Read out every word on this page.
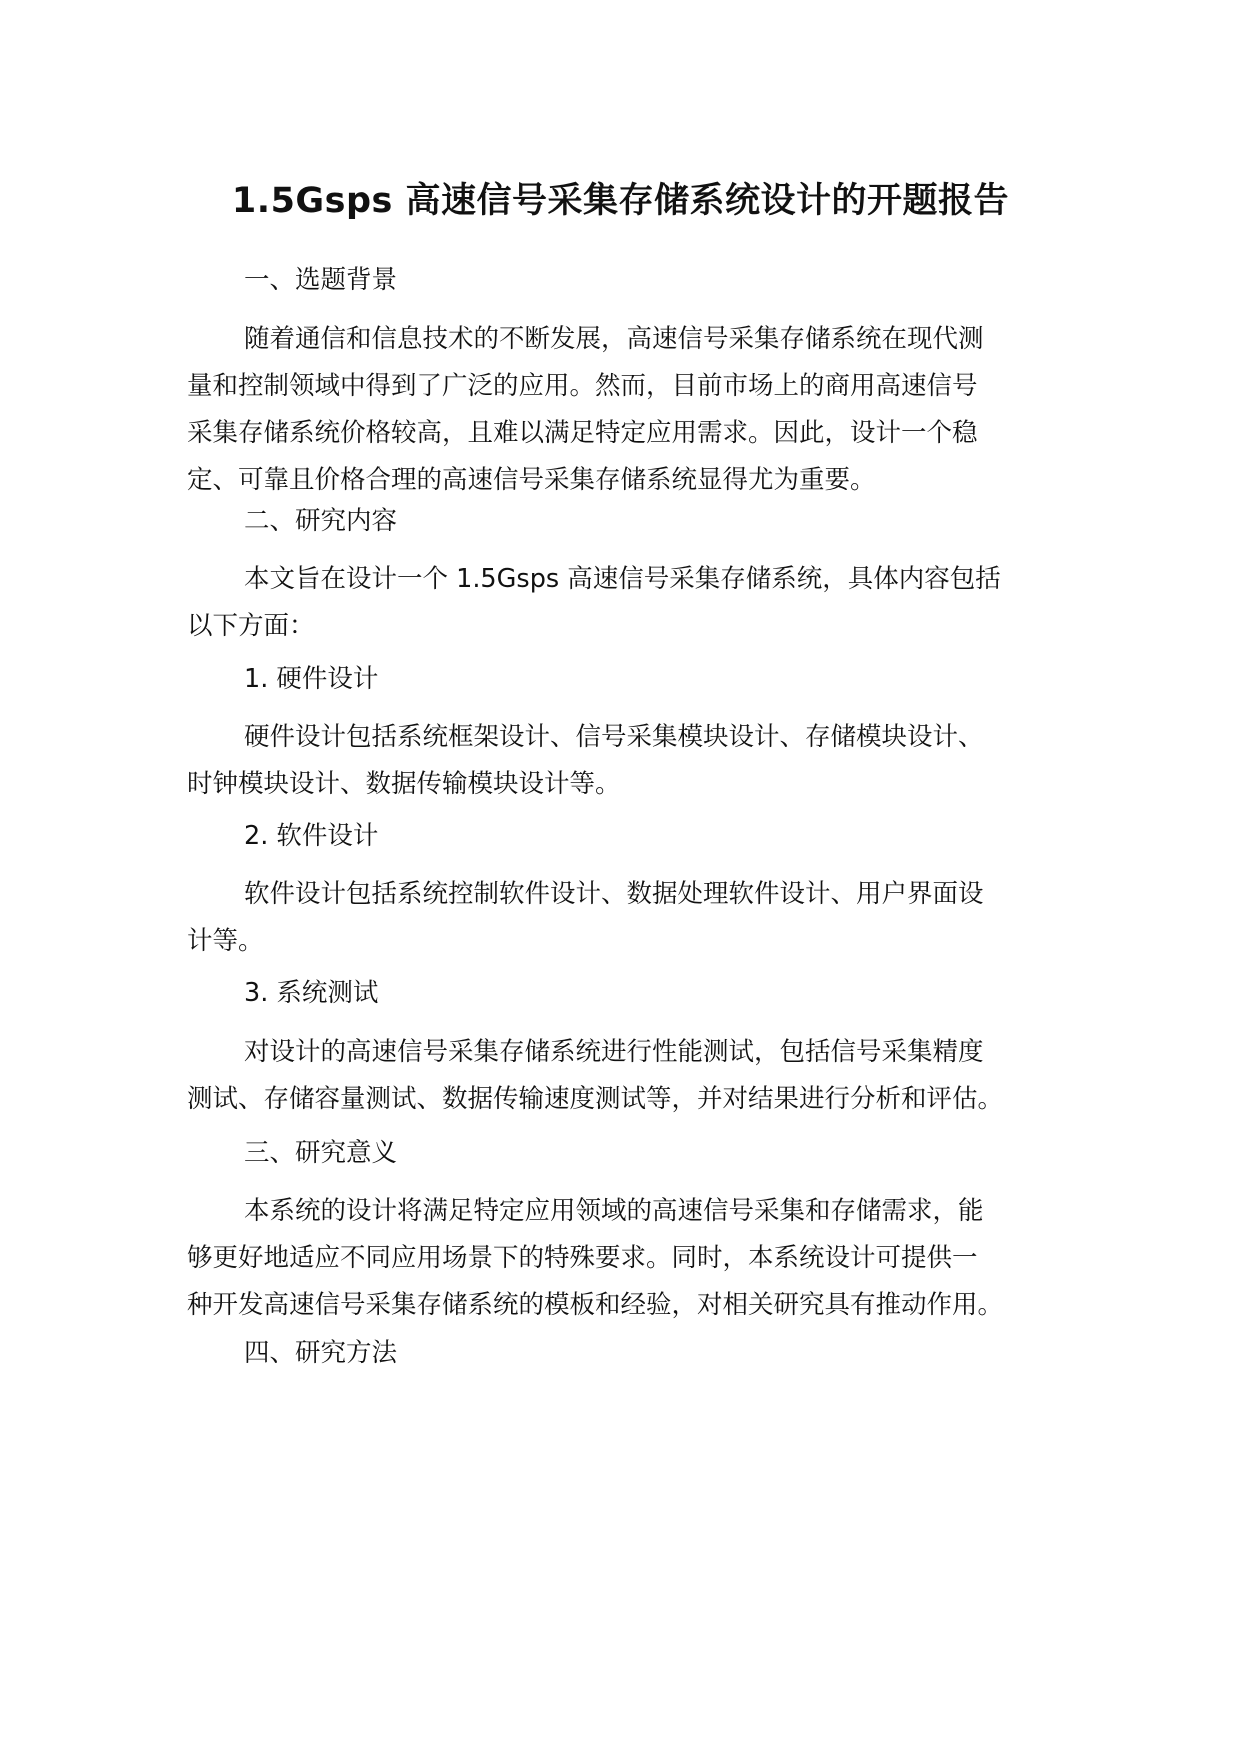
1.5Gsps 高速信号采集存储系统设计的开题报告
一、选题背景
随着通信和信息技术的不断发展，高速信号采集存储系统在现代测
量和控制领域中得到了广泛的应用。然而，目前市场上的商用高速信号
采集存储系统价格较高，且难以满足特定应用需求。因此，设计一个稳
定、可靠且价格合理的高速信号采集存储系统显得尤为重要。
二、研究内容
本文旨在设计一个 1.5Gsps 高速信号采集存储系统，具体内容包括
以下方面：
1. 硬件设计
硬件设计包括系统框架设计、信号采集模块设计、存储模块设计、
时钟模块设计、数据传输模块设计等。
2. 软件设计
软件设计包括系统控制软件设计、数据处理软件设计、用户界面设
计等。
3. 系统测试
对设计的高速信号采集存储系统进行性能测试，包括信号采集精度
测试、存储容量测试、数据传输速度测试等，并对结果进行分析和评估。
三、研究意义
本系统的设计将满足特定应用领域的高速信号采集和存储需求，能
够更好地适应不同应用场景下的特殊要求。同时，本系统设计可提供一
种开发高速信号采集存储系统的模板和经验，对相关研究具有推动作用。
四、研究方法
